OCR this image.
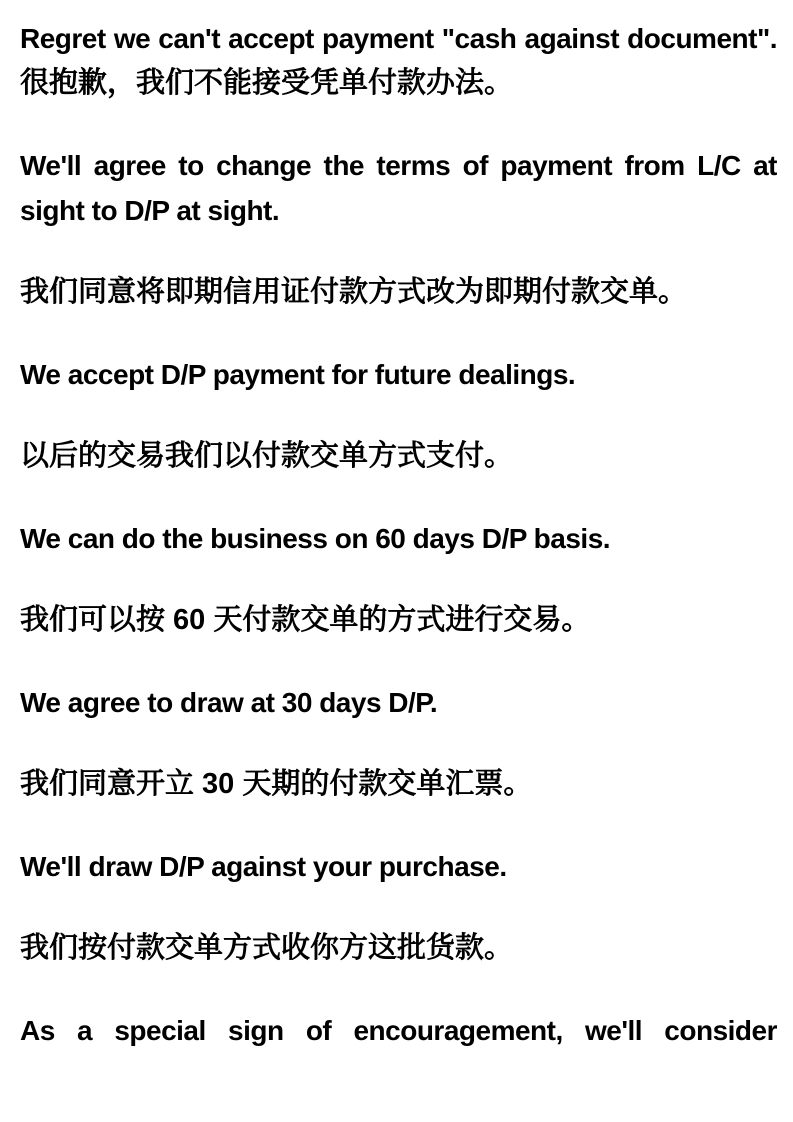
Regret we can't accept payment "cash against document".
很抱歉，我们不能接受凭单付款办法。
We'll agree to change the terms of payment from L/C at
sight to D/P at sight.
我们同意将即期信用证付款方式改为即期付款交单。
We accept D/P payment for future dealings.
以后的交易我们以付款交单方式支付。
We can do the business on 60 days D/P basis.
我们可以按 60 天付款交单的方式进行交易。
We agree to draw at 30 days D/P.
我们同意开立 30 天期的付款交单汇票。
We'll draw D/P against your purchase.
我们按付款交单方式收你方这批货款。
As a special sign of encouragement, we'll consider
